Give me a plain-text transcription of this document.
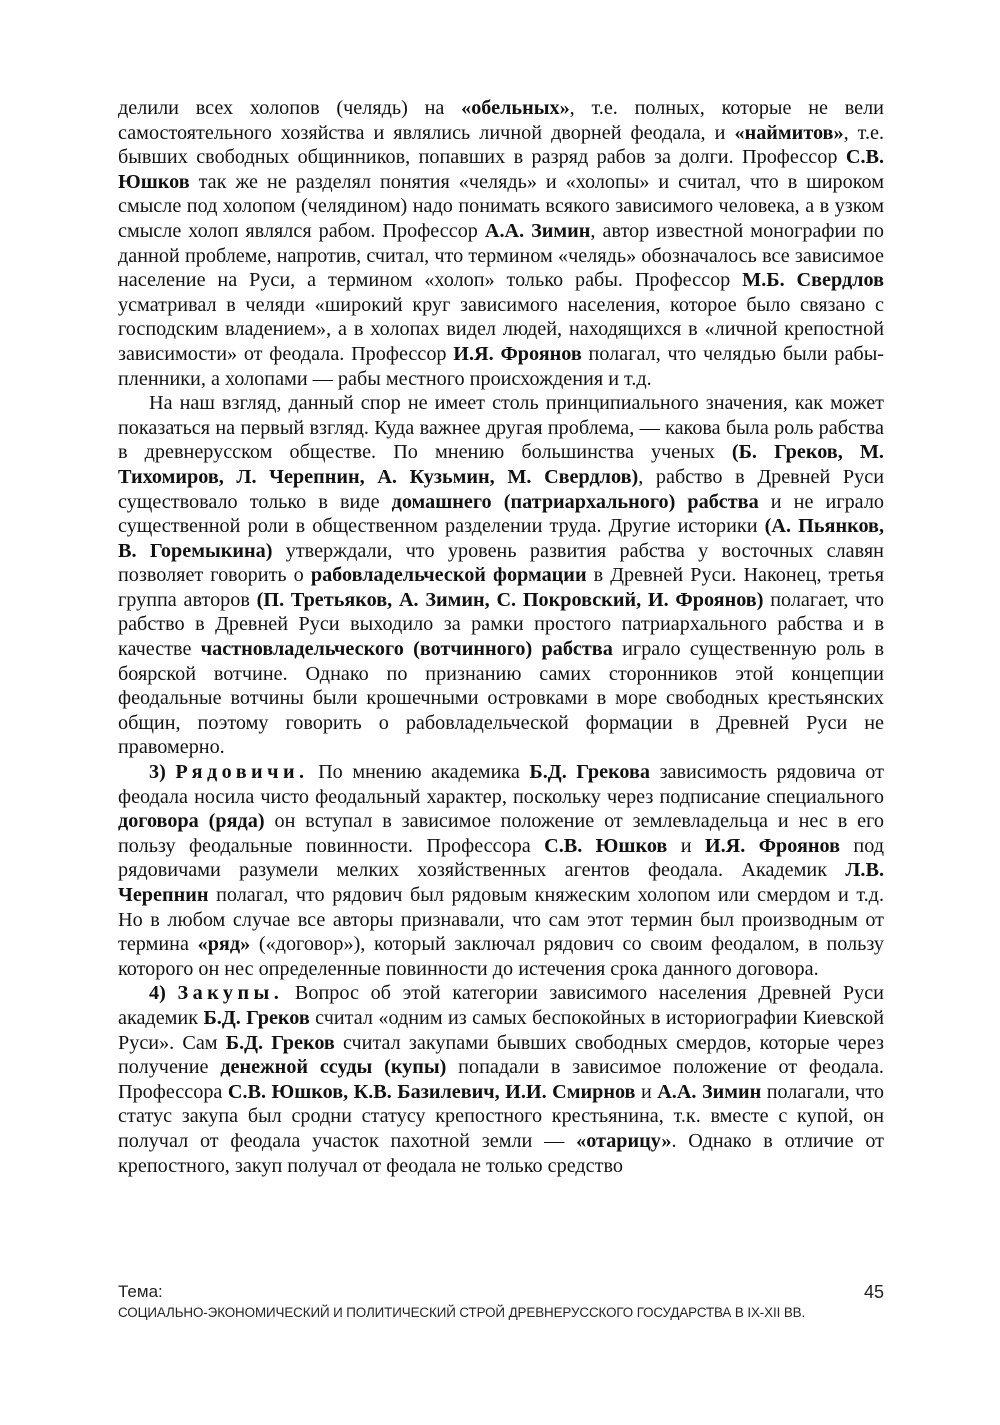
делили всех холопов (челядь) на «обельных», т.е. полных, которые не вели самостоятельного хозяйства и являлись личной дворней феодала, и «наймитов», т.е. бывших свободных общинников, попавших в разряд рабов за долги. Профессор С.В. Юшков так же не разделял понятия «челядь» и «холопы» и считал, что в широком смысле под холопом (челядином) надо понимать всякого зависимого человека, а в узком смысле холоп являлся рабом. Профессор А.А. Зимин, автор известной монографии по данной проблеме, напротив, считал, что термином «челядь» обозначалось все зависимое население на Руси, а термином «холоп» только рабы. Профессор М.Б. Свердлов усматривал в челяди «широкий круг зависимого населения, которое было связано с господским владением», а в холопах видел людей, находящихся в «личной крепостной зависимости» от феодала. Профессор И.Я. Фроянов полагал, что челядью были рабы-пленники, а холопами — рабы местного происхождения и т.д.

На наш взгляд, данный спор не имеет столь принципиального значения, как может показаться на первый взгляд. Куда важнее другая проблема, — какова была роль рабства в древнерусском обществе. По мнению большинства ученых (Б. Греков, М. Тихомиров, Л. Черепнин, А. Кузьмин, М. Свердлов), рабство в Древней Руси существовало только в виде домашнего (патриархального) рабства и не играло существенной роли в общественном разделении труда. Другие историки (А. Пьянков, В. Горемыкина) утверждали, что уровень развития рабства у восточных славян позволяет говорить о рабовладельческой формации в Древней Руси. Наконец, третья группа авторов (П. Третьяков, А. Зимин, С. Покровский, И. Фроянов) полагает, что рабство в Древней Руси выходило за рамки простого патриархального рабства и в качестве частновладельческого (вотчинного) рабства играло существенную роль в боярской вотчине. Однако по признанию самих сторонников этой концепции феодальные вотчины были крошечными островками в море свободных крестьянских общин, поэтому говорить о рабовладельческой формации в Древней Руси не правомерно.

3) Рядовичи. По мнению академика Б.Д. Грекова зависимость рядовича от феодала носила чисто феодальный характер, поскольку через подписание специального договора (ряда) он вступал в зависимое положение от землевладельца и нес в его пользу феодальные повинности. Профессора С.В. Юшков и И.Я. Фроянов под рядовичами разумели мелких хозяйственных агентов феодала. Академик Л.В. Черепнин полагал, что рядович был рядовым княжеским холопом или смердом и т.д. Но в любом случае все авторы признавали, что сам этот термин был производным от термина «ряд» («договор»), который заключал рядович со своим феодалом, в пользу которого он нес определенные повинности до истечения срока данного договора.

4) Закупы. Вопрос об этой категории зависимого населения Древней Руси академик Б.Д. Греков считал «одним из самых беспокойных в историографии Киевской Руси». Сам Б.Д. Греков считал закупами бывших свободных смердов, которые через получение денежной ссуды (купы) попадали в зависимое положение от феодала. Профессора С.В. Юшков, К.В. Базилевич, И.И. Смирнов и А.А. Зимин полагали, что статус закупа был сродни статусу крепостного крестьянина, т.к. вместе с купой, он получал от феодала участок пахотной земли — «отарицу». Однако в отличие от крепостного, закуп получал от феодала не только средство

Тема:
СОЦИАЛЬНО-ЭКОНОМИЧЕСКИЙ И ПОЛИТИЧЕСКИЙ СТРОЙ ДРЕВНЕРУССКОГО ГОСУДАРСТВА В IX-XII ВВ.
45
